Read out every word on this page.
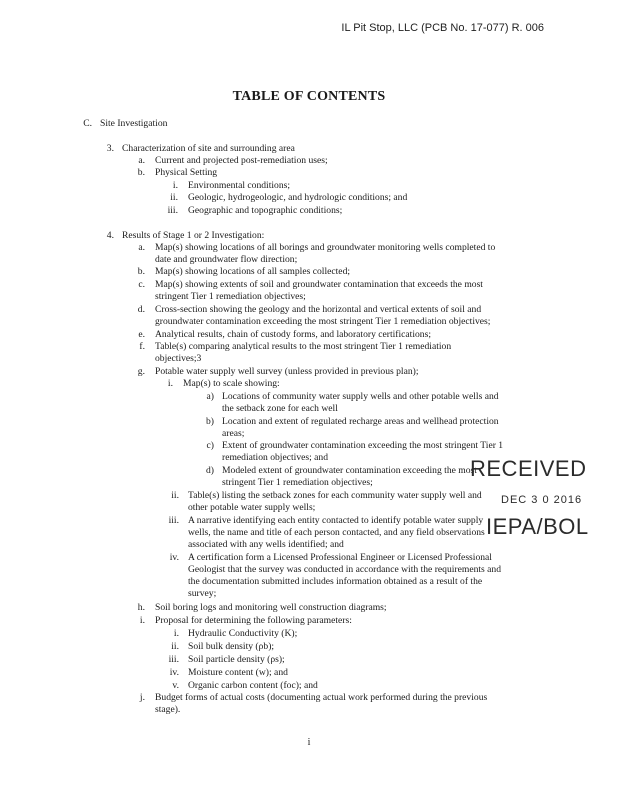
IL Pit Stop, LLC (PCB No. 17-077) R. 006
TABLE OF CONTENTS
C. Site Investigation
3. Characterization of site and surrounding area
a. Current and projected post-remediation uses;
b. Physical Setting
i. Environmental conditions;
ii. Geologic, hydrogeologic, and hydrologic conditions; and
iii. Geographic and topographic conditions;
4. Results of Stage 1 or 2 Investigation:
a. Map(s) showing locations of all borings and groundwater monitoring wells completed to
date and groundwater flow direction;
b. Map(s) showing locations of all samples collected;
c. Map(s) showing extents of soil and groundwater contamination that exceeds the most
stringent Tier 1 remediation objectives;
d. Cross-section showing the geology and the horizontal and vertical extents of soil and
groundwater contamination exceeding the most stringent Tier 1 remediation objectives;
e. Analytical results, chain of custody forms, and laboratory certifications;
f. Table(s) comparing analytical results to the most stringent Tier 1 remediation
objectives;3
g. Potable water supply well survey (unless provided in previous plan);
i. Map(s) to scale showing:
a) Locations of community water supply wells and other potable wells and
the setback zone for each well
b) Location and extent of regulated recharge areas and wellhead protection
areas;
c) Extent of groundwater contamination exceeding the most stringent Tier 1
remediation objectives; and
d) Modeled extent of groundwater contamination exceeding the most
stringent Tier 1 remediation objectives;
ii. Table(s) listing the setback zones for each community water supply well and
other potable water supply wells;
iii. A narrative identifying each entity contacted to identify potable water supply
wells, the name and title of each person contacted, and any field observations
associated with any wells identified; and
iv. A certification form a Licensed Professional Engineer or Licensed Professional
Geologist that the survey was conducted in accordance with the requirements and
the documentation submitted includes information obtained as a result of the
survey;
h. Soil boring logs and monitoring well construction diagrams;
i. Proposal for determining the following parameters:
i. Hydraulic Conductivity (K);
ii. Soil bulk density (ρb);
iii. Soil particle density (ρs);
iv. Moisture content (w); and
v. Organic carbon content (foc); and
j. Budget forms of actual costs (documenting actual work performed during the previous
stage).
RECEIVED
DEC 3 0 2016
IEPA/BOL
i
